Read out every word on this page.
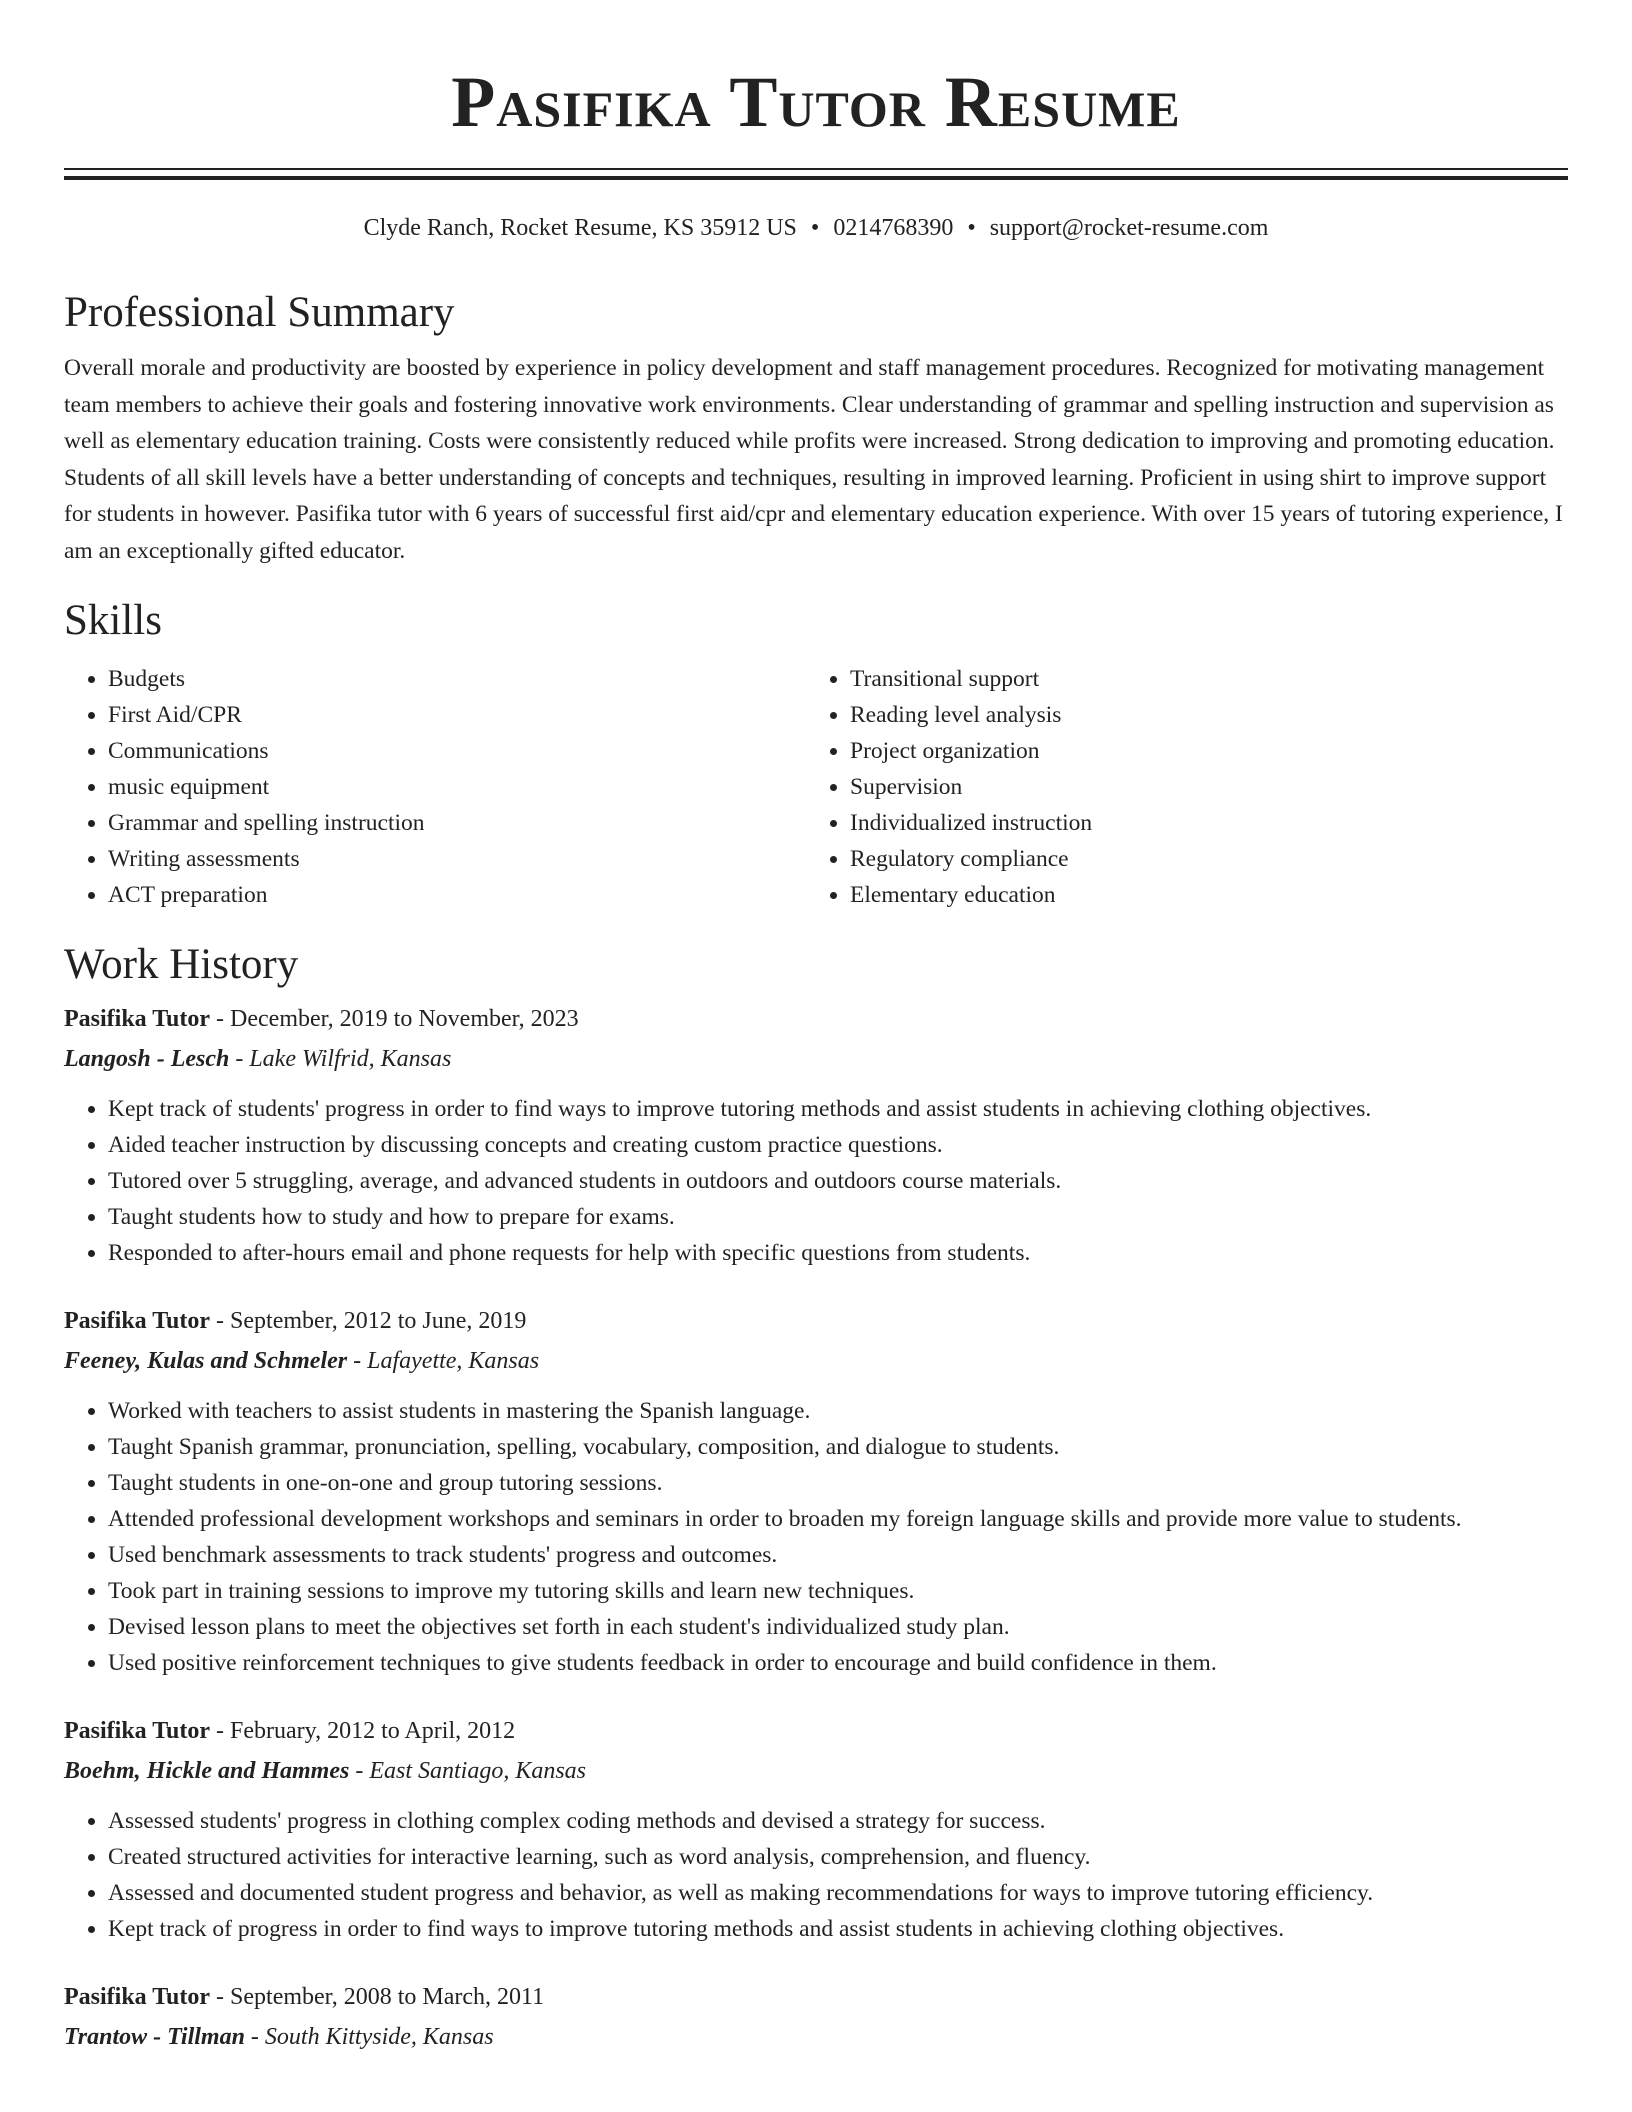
Pasifika Tutor Resume
Clyde Ranch, Rocket Resume, KS 35912 US • 0214768390 • support@rocket-resume.com
Professional Summary

Overall morale and productivity are boosted by experience in policy development and staff management procedures. Recognized for motivating management team members to achieve their goals and fostering innovative work environments. Clear understanding of grammar and spelling instruction and supervision as well as elementary education training. Costs were consistently reduced while profits were increased. Strong dedication to improving and promoting education. Students of all skill levels have a better understanding of concepts and techniques, resulting in improved learning. Proficient in using shirt to improve support for students in however. Pasifika tutor with 6 years of successful first aid/cpr and elementary education experience. With over 15 years of tutoring experience, I am an exceptionally gifted educator.

Skills
• Budgets
• First Aid/CPR
• Communications
• music equipment
• Grammar and spelling instruction
• Writing assessments
• ACT preparation
• Transitional support
• Reading level analysis
• Project organization
• Supervision
• Individualized instruction
• Regulatory compliance
• Elementary education
Work History
Pasifika Tutor - December, 2019 to November, 2023
Langosh - Lesch - Lake Wilfrid, Kansas
• Kept track of students' progress in order to find ways to improve tutoring methods and assist students in achieving clothing objectives.
• Aided teacher instruction by discussing concepts and creating custom practice questions.
• Tutored over 5 struggling, average, and advanced students in outdoors and outdoors course materials.
• Taught students how to study and how to prepare for exams.
• Responded to after-hours email and phone requests for help with specific questions from students.
Pasifika Tutor - September, 2012 to June, 2019
Feeney, Kulas and Schmeler - Lafayette, Kansas
• Worked with teachers to assist students in mastering the Spanish language.
• Taught Spanish grammar, pronunciation, spelling, vocabulary, composition, and dialogue to students.
• Taught students in one-on-one and group tutoring sessions.
• Attended professional development workshops and seminars in order to broaden my foreign language skills and provide more value to students.
• Used benchmark assessments to track students' progress and outcomes.
• Took part in training sessions to improve my tutoring skills and learn new techniques.
• Devised lesson plans to meet the objectives set forth in each student's individualized study plan.
• Used positive reinforcement techniques to give students feedback in order to encourage and build confidence in them.
Pasifika Tutor - February, 2012 to April, 2012
Boehm, Hickle and Hammes - East Santiago, Kansas
• Assessed students' progress in clothing complex coding methods and devised a strategy for success.
• Created structured activities for interactive learning, such as word analysis, comprehension, and fluency.
• Assessed and documented student progress and behavior, as well as making recommendations for ways to improve tutoring efficiency.
• Kept track of progress in order to find ways to improve tutoring methods and assist students in achieving clothing objectives.
Pasifika Tutor - September, 2008 to March, 2011
Trantow - Tillman - South Kittyside, Kansas
